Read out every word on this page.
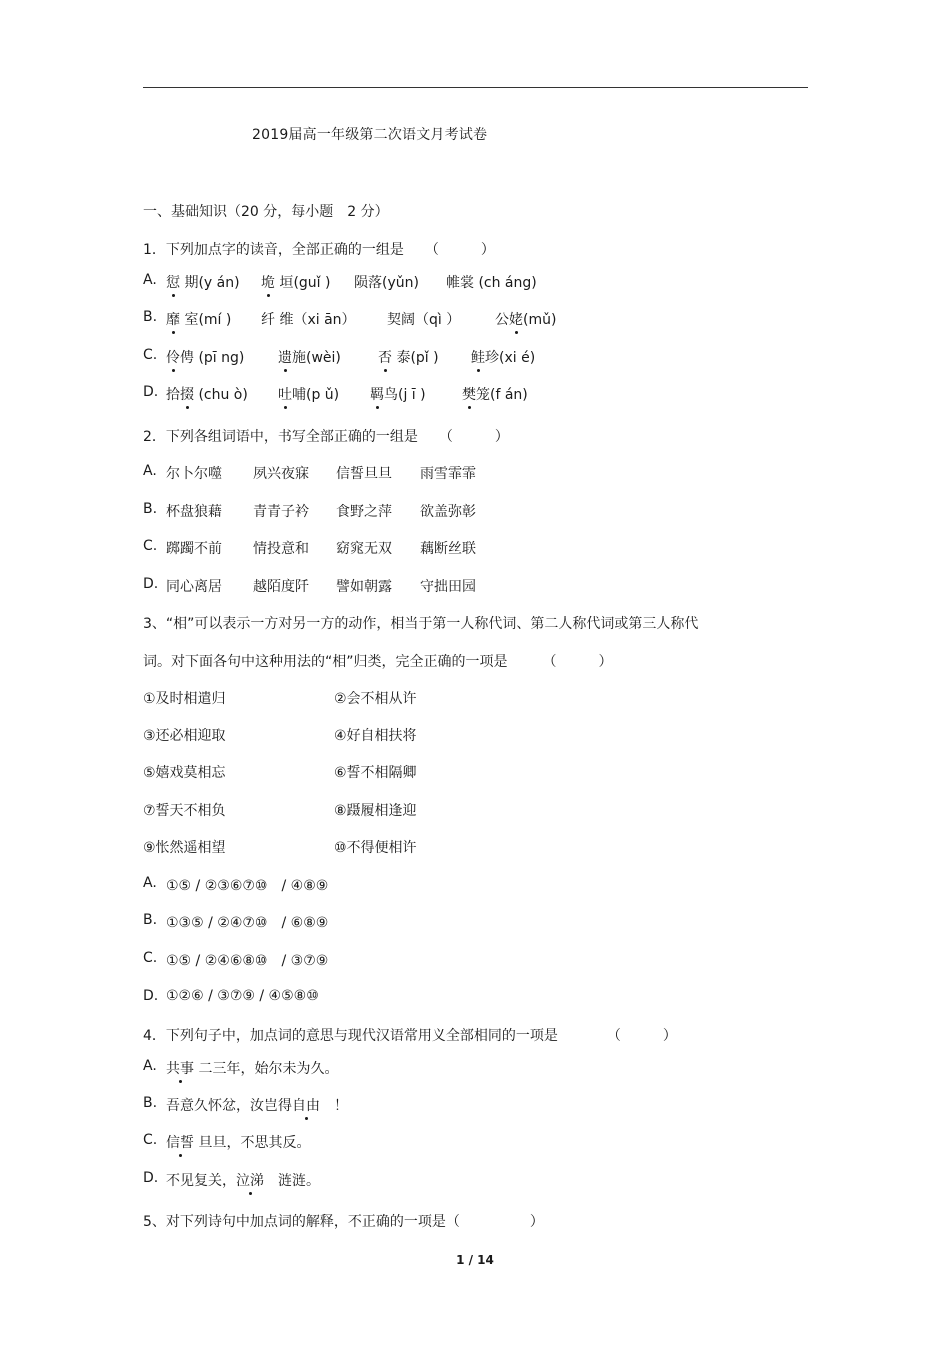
2019届高一年级第二次语文月考试卷
一、基础知识（20 分，每小题　2 分）
1．下列加点字的读音，全部正确的一组是　　（　　　）
A. 愆 期(y án) 垝 垣(guǐ ) 陨落(yǔn) 帷裳 (ch áng)
B. 靡 室(mí ) 纤 维（xi ān） 契阔（qì ） 公姥(mǔ)
C. 伶俜 (pī ng) 遗施(wèi)	否 泰(pǐ ) 鲑珍(xi é)
D. 拾掇 (chu ò) 吐哺(p ǔ) 羁鸟(j ī )	樊笼(f án)
2．下列各组词语中，书写全部正确的一组是　　（　　　）
A. 尔卜尔噬 夙兴夜寐 信誓旦旦 雨雪霏霏
B. 杯盘狼藉 青青子衿 食野之萍 欲盖弥彰
C. 踯躅不前 情投意和 窈窕无双 藕断丝联
D. 同心离居 越陌度阡 譬如朝露 守拙田园
3、“相”可以表示一方对另一方的动作，相当于第一人称代词、第二人称代词或第三人称代
词。对下面各句中这种用法的“相”归类，完全正确的一项是　　　（　　　）
①及时相遣归	②会不相从许
③还必相迎取	④好自相扶将
⑤嬉戏莫相忘	⑥誓不相隔卿
⑦誓天不相负	⑧蹑履相逢迎
⑨怅然遥相望	⑩不得便相许
A. ①⑤ / ②③⑥⑦⑩　/ ④⑧⑨
B. ①③⑤ / ②④⑦⑩　/ ⑥⑧⑨
C. ①⑤ / ②④⑥⑧⑩　/ ③⑦⑨
D. ①②⑥ / ③⑦⑨ / ④⑤⑧⑩
4．下列句子中，加点词的意思与现代汉语常用义全部相同的一项是　　　　（　　　）
A. 共事 二三年，始尔未为久。
B. 吾意久怀忿，汝岂得自由　！
C. 信誓 旦旦，不思其反。
D. 不见复关，泣涕　涟涟。
5、对下列诗句中加点词的解释，不正确的一项是（　　　　　）
1 / 14
